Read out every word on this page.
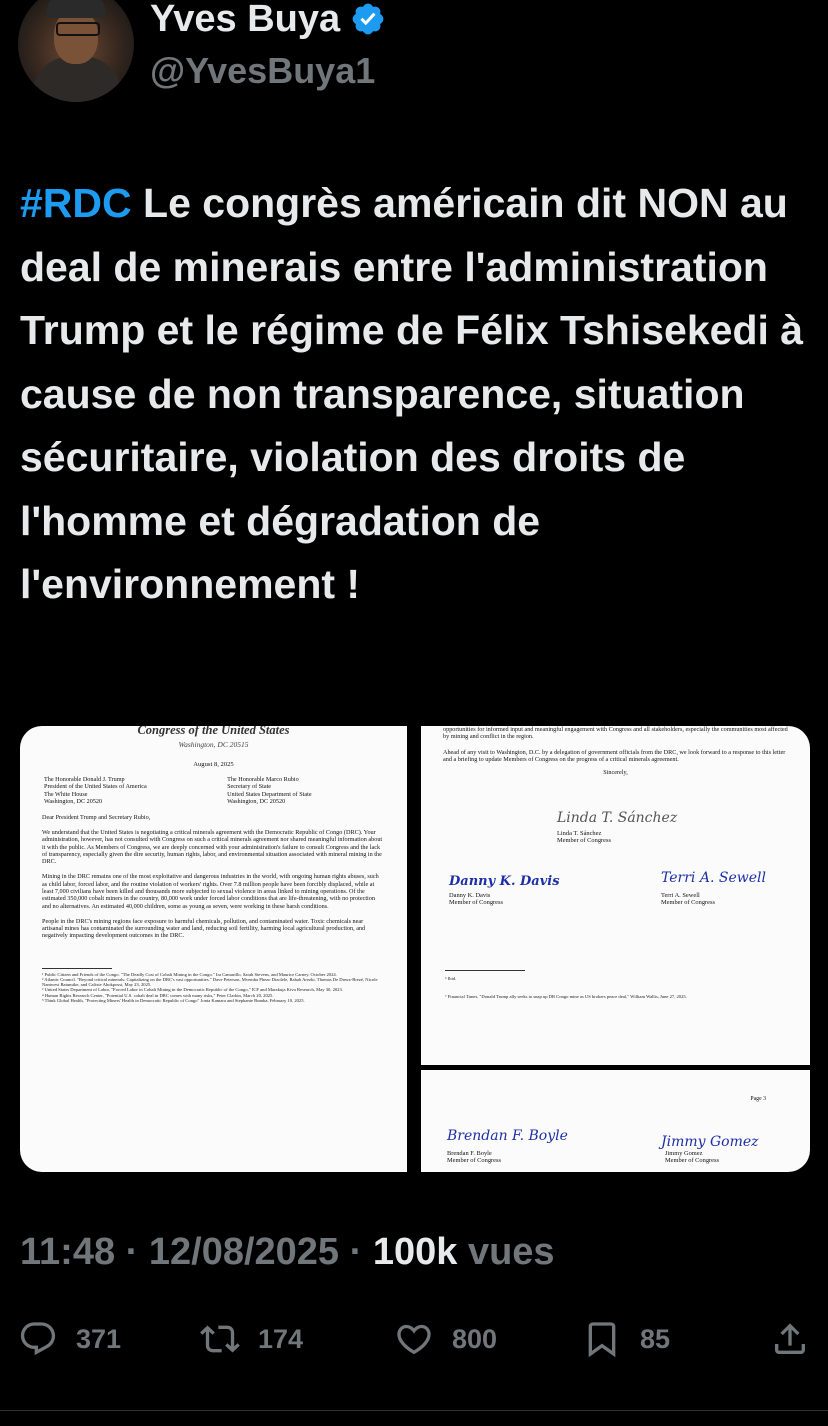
Yves Buya
@YvesBuya1
#RDC Le congrès américain dit NON au deal de minerais entre l'administration Trump et le régime de Félix Tshisekedi à cause de non transparence, situation sécuritaire, violation des droits de l'homme et dégradation de l'environnement !
Congress of the United States
Washington, DC 20515
August 8, 2025
The Honorable Donald J. Trump
President of the United States of America
The White House
Washington, DC 20520
The Honorable Marco Rubio
Secretary of State
United States Department of State
Washington, DC 20520
Dear President Trump and Secretary Rubio,
We understand that the United States is negotiating a critical minerals agreement with the Democratic Republic of Congo (DRC). Your administration, however, has not consulted with Congress on such a critical minerals agreement nor shared meaningful information about it with the public. As Members of Congress, we are deeply concerned with your administration's failure to consult Congress and the lack of transparency, especially given the dire security, human rights, labor, and environmental situation associated with mineral mining in the DRC.
Mining in the DRC remains one of the most exploitative and dangerous industries in the world, with ongoing human rights abuses, such as child labor, forced labor, and the routine violation of workers' rights. Over 7.8 million people have been forcibly displaced, while at least 7,000 civilians have been killed and thousands more subjected to sexual violence in areas linked to mining operations. Of the estimated 350,000 cobalt miners in the country, 80,000 work under forced labor conditions that are life-threatening, with no protection and no alternatives. An estimated 40,000 children, some as young as seven, were working in these harsh conditions.
People in the DRC's mining regions face exposure to harmful chemicals, pollution, and contaminated water. Toxic chemicals near artisanal mines has contaminated the surrounding water and land, reducing soil fertility, harming local agricultural production, and negatively impacting development outcomes in the DRC.
¹ Public Citizen and Friends of the Congo. "The Deadly Cost of Cobalt Mining in the Congo." Ira Camarillo, Sarah Stevens, and Maurice Carney. October 2024.
² Atlantic Council. "Beyond critical minerals: Capitalizing on the DRC's vast opportunities." Dave Peterson, Mvemba Phezo Dizolele, Rabah Arezki, Thomas De Dreux-Brezé, Nicole Nantwesi Batumike, and Calixte Ahokpossi, May 23, 2025.
³ United States Department of Labor, "Forced Labor in Cobalt Mining in the Democratic Republic of the Congo," ICF and Marakuja Kivu Research, May 30, 2023.
⁴ Human Rights Research Center, "Potential U.S. cobalt deal in DRC comes with many risks," Peter Clarkin, March 20, 2025.
⁵ Think Global Health, "Protecting Miners' Health in Democratic Republic of Congo" Jonta Kamara and Stephanie Bumba, February 10, 2025.
opportunities for informed input and meaningful engagement with Congress and all stakeholders, especially the communities most affected by mining and conflict in the region.
Ahead of any visit to Washington, D.C. by a delegation of government officials from the DRC, we look forward to a response to this letter and a briefing to update Members of Congress on the progress of a critical minerals agreement.
Sincerely,
Linda T. Sánchez
Linda T. Sánchez
Member of Congress
Danny K. Davis
Danny K. Davis
Member of Congress
Terri A. Sewell
Terri A. Sewell
Member of Congress
⁶ Ibid.
⁷ Financial Times, "Donald Trump ally seeks to snap up DR Congo mine as US brokers peace deal," William Wallis, June 27, 2025.
Page 3
Brendan F. Boyle
Brendan F. Boyle
Member of Congress
Jimmy Gomez
Jimmy Gomez
Member of Congress
11:48 · 12/08/2025 · 100k vues
371	174	800	85
